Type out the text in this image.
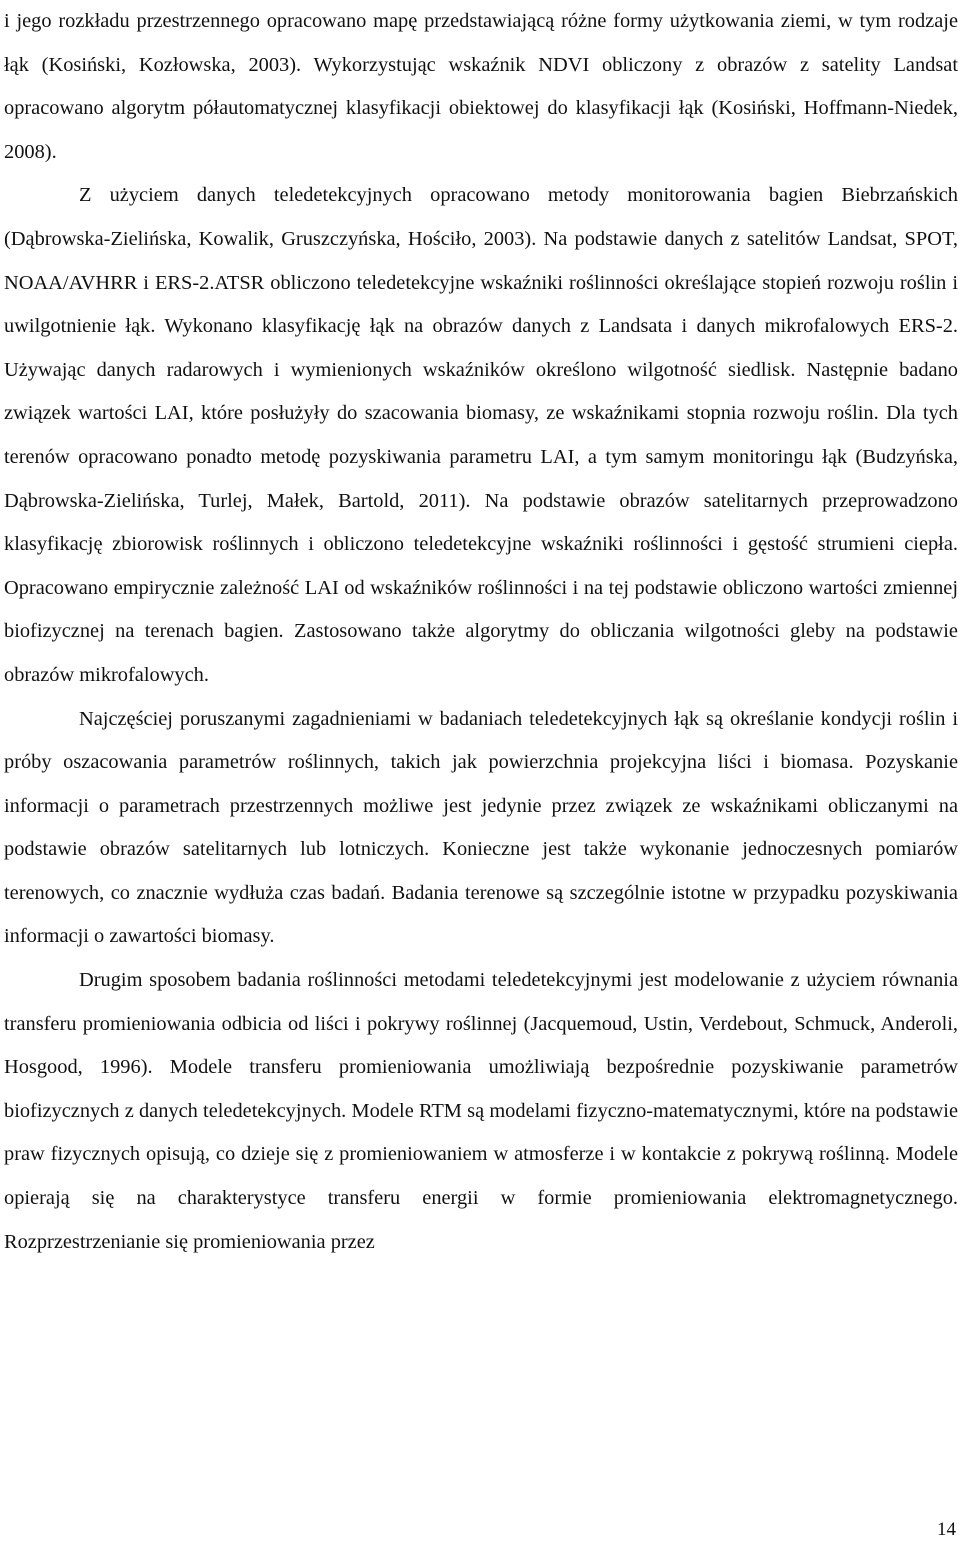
i jego rozkładu przestrzennego opracowano mapę przedstawiającą różne formy użytkowania ziemi, w tym rodzaje łąk (Kosiński, Kozłowska, 2003). Wykorzystując wskaźnik NDVI obliczony z obrazów z satelity Landsat opracowano algorytm półautomatycznej klasyfikacji obiektowej do klasyfikacji łąk (Kosiński, Hoffmann-Niedek, 2008).

Z użyciem danych teledetekcyjnych opracowano metody monitorowania bagien Biebrzańskich (Dąbrowska-Zielińska, Kowalik, Gruszczyńska, Hościło, 2003). Na podstawie danych z satelitów Landsat, SPOT, NOAA/AVHRR i ERS-2.ATSR obliczono teledetekcyjne wskaźniki roślinności określające stopień rozwoju roślin i uwilgotnienie łąk. Wykonano klasyfikację łąk na obrazów danych z Landsata i danych mikrofalowych ERS-2. Używając danych radarowych i wymienionych wskaźników określono wilgotność siedlisk. Następnie badano związek wartości LAI, które posłużyły do szacowania biomasy, ze wskaźnikami stopnia rozwoju roślin. Dla tych terenów opracowano ponadto metodę pozyskiwania parametru LAI, a tym samym monitoringu łąk (Budzyńska, Dąbrowska-Zielińska, Turlej, Małek, Bartold, 2011). Na podstawie obrazów satelitarnych przeprowadzono klasyfikację zbiorowisk roślinnych i obliczono teledetekcyjne wskaźniki roślinności i gęstość strumieni ciepła. Opracowano empirycznie zależność LAI od wskaźników roślinności i na tej podstawie obliczono wartości zmiennej biofizycznej na terenach bagien. Zastosowano także algorytmy do obliczania wilgotności gleby na podstawie obrazów mikrofalowych.

Najczęściej poruszanymi zagadnieniami w badaniach teledetekcyjnych łąk są określanie kondycji roślin i próby oszacowania parametrów roślinnych, takich jak powierzchnia projekcyjna liści i biomasa. Pozyskanie informacji o parametrach przestrzennych możliwe jest jedynie przez związek ze wskaźnikami obliczanymi na podstawie obrazów satelitarnych lub lotniczych. Konieczne jest także wykonanie jednoczesnych pomiarów terenowych, co znacznie wydłuża czas badań. Badania terenowe są szczególnie istotne w przypadku pozyskiwania informacji o zawartości biomasy.

Drugim sposobem badania roślinności metodami teledetekcyjnymi jest modelowanie z użyciem równania transferu promieniowania odbicia od liści i pokrywy roślinnej (Jacquemoud, Ustin, Verdebout, Schmuck, Anderoli, Hosgood, 1996). Modele transferu promieniowania umożliwiają bezpośrednie pozyskiwanie parametrów biofizycznych z danych teledetekcyjnych. Modele RTM są modelami fizyczno-matematycznymi, które na podstawie praw fizycznych opisują, co dzieje się z promieniowaniem w atmosferze i w kontakcie z pokrywą roślinną. Modele opierają się na charakterystyce transferu energii w formie promieniowania elektromagnetycznego. Rozprzestrzenianie się promieniowania przez

14
